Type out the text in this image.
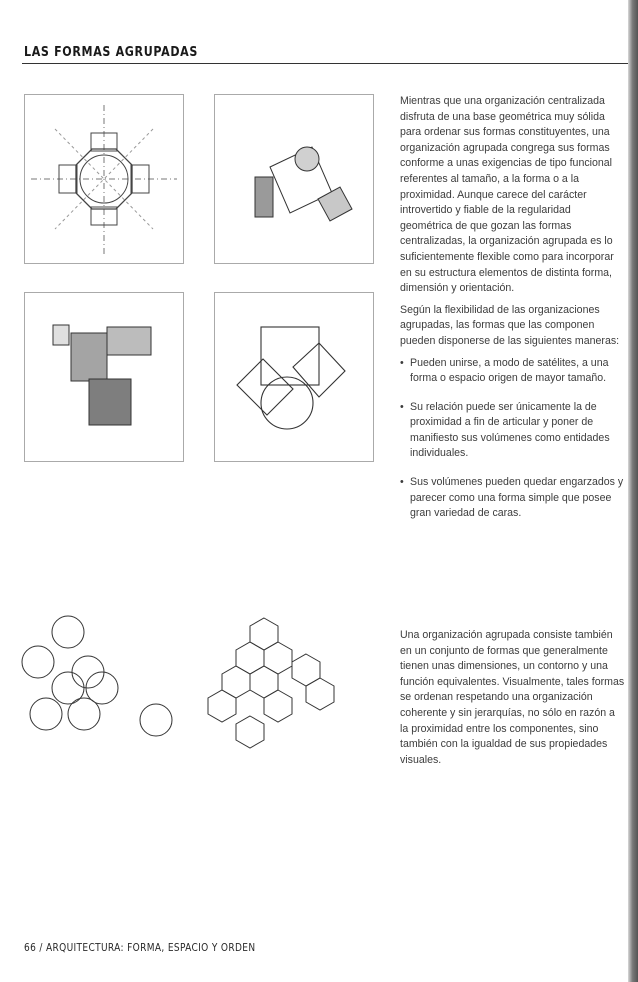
LAS FORMAS AGRUPADAS

Mientras que una organización centralizada disfruta de una base geométrica muy sólida para ordenar sus formas constituyentes, una organización agrupada congrega sus formas conforme a unas exigencias de tipo funcional referentes al tamaño, a la forma o a la proximidad. Aunque carece del carácter introvertido y fiable de la regularidad geométrica de que gozan las formas centralizadas, la organización agrupada es lo suficientemente flexible como para incorporar en su estructura elementos de distinta forma, dimensión y orientación.

Según la flexibilidad de las organizaciones agrupadas, las formas que las componen pueden disponerse de las siguientes maneras:

• Pueden unirse, a modo de satélites, a una forma o espacio origen de mayor tamaño.
• Su relación puede ser únicamente la de proximidad a fin de articular y poner de manifiesto sus volúmenes como entidades individuales.
• Sus volúmenes pueden quedar engarzados y parecer como una forma simple que posee gran variedad de caras.

Una organización agrupada consiste también en un conjunto de formas que generalmente tienen unas dimensiones, un contorno y una función equivalentes. Visualmente, tales formas se ordenan respetando una organización coherente y sin jerarquías, no sólo en razón a la proximidad entre los componentes, sino también con la igualdad de sus propiedades visuales.

66 / ARQUITECTURA: FORMA, ESPACIO Y ORDEN
